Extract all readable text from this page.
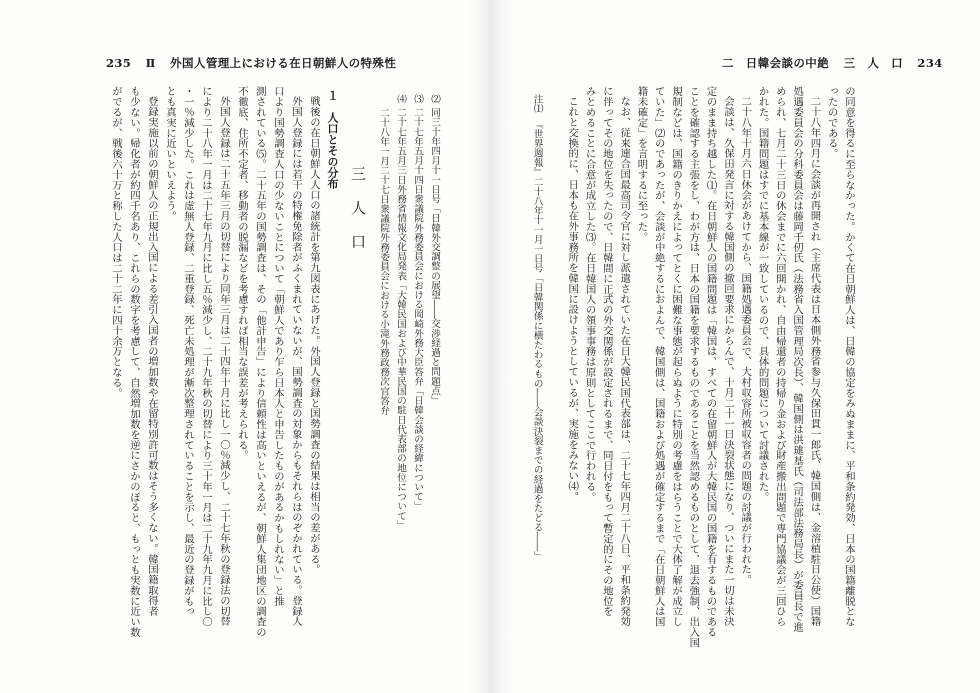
235 Ⅱ 外国人管理上における在日朝鮮人の特殊性
⑵同三十年四月十一日号「日韓外交調整の展望――交渉経過と問題点」
⑶二十七年五月十四日衆議院外務委員会における岡崎外務大臣答弁「日韓会談の経緯について」
⑷二十七年五月三日外務省情報文化局発表「大韓民国および中華民国の駐日代表部の地位について」
二十八年一月二十七日衆議院外務委員会における小滝外務政務次官答弁
三　人　口
１　人口とその分布
戦後の在日朝鮮人人口の諸統計を第九図表にあげた。外国人登録と国勢調査の結果は相当の差がある。
外国人登録には若干の特権免除者がふくまれていないが、国勢調査の対象からもそれらはのぞかれている。登録人
口より国勢調査人口の少ないことについて「朝鮮人であり乍ら日本人と申告したものがあるかもしれない」と推
測されている⑸。二十五年の国勢調査は、その「他計申告」により信頼性は高いといえるが、朝鮮人集団地区の調査の
不徹底、住所不定者、移動者の脱漏などを考慮すれば相当な誤差が考えられる。
外国人登録は二十五年三月の切替により同年三月は二十四年十月に比し一〇％減少し、二十七年秋の登録法の切替
により二十八年一月は二十七年九月に比し五％減少し、二十九年秋の切替により三十年一月は二十九年九月に比し〇
・一％減少した。これは虚無人登録、二重登録、死亡未処理が漸次整理されていることを示し、最近の登録がもっ
とも真実に近いといえよう。
登録実施以前の朝鮮人の正規出入国による差引入国者の増加数や在留特別許可数はそう多くない。韓国籍取得者
も少ない。帰化者が約四千名あり、これらの数字を考慮して、自然増加数を逆にさかのぼると、もっとも実数に近い数
がでるが、戦後六十万と称した人口は二十二年に四十余万となる。
二　日韓会談の中絶 三　人　口 234
の同意を得るに至らなかった。かくて在日朝鮮人は、日韓の協定をみぬままに、平和条約発効、日本の国籍離脱とな
ったのである。
二十八年四月に会談が再開され（主席代表は日本側外務省参与久保田貫一郎氏、韓国側は、金溶植駐日公使）国籍
処遇委員会の分科委員会は藤岡千仞氏（法務省入国管理局次長）、韓国側は洪璡基氏（司法部法務局長）が委員長で進
められ、七月二十三日の休会までに六回開かれ、自由帰還者の持帰り金および財産搬出問題で専門協議会が三回ひら
かれた。国籍問題はすでに基本線が一致しているので、具体的問題について討議された。
二十八年十月六日休会があけてから、国籍処遇委員会で、大村収容所被収容者の問題の討議が行われた。
会談は、久保田発言に対する韓国側の撤回要求にからんで、十月二十一日決裂状態になり、ついにまた一切は未決
定のまま持ち越した⑴。在日朝鮮人の国籍問題は「韓国は、すべての在留朝鮮人が大韓民国の国籍を有するものである
ことを確認する主張をし、わが方は、日本の国籍を要求するものであることを当然認めるものとして、退去強制、出入国
規制などは、国籍のきりかえによってとくに困難な事態が起らぬように特別の考慮をはらうことで大体了解が成立し
ていた」⑵のであったが、会談が中絶するにおよんで、韓国側は、国籍および処遇が確定するまで「在日朝鮮人は国
籍未確定」を言明するに至った。
なお、従来連合国最高司令官に対し派遣されていた在日大韓民国代表部は、二十七年四月二十八日、平和条約発効
に伴ってその地位を失ったので、日韓間に正式の外交関係が設定されるまで、同日付をもって暫定的にその地位を
みとめることに合意が成立した⑶。在日韓国人の領事事務は原則としてここで行われる。
これと交換的に、日本も在外事務所を韓国に設けようとしているが、実施をみない⑷。
注⑴『世界週報』二十八年十一月一日号「日韓関係に横たわるもの――会談決裂までの経過をたどる――」
